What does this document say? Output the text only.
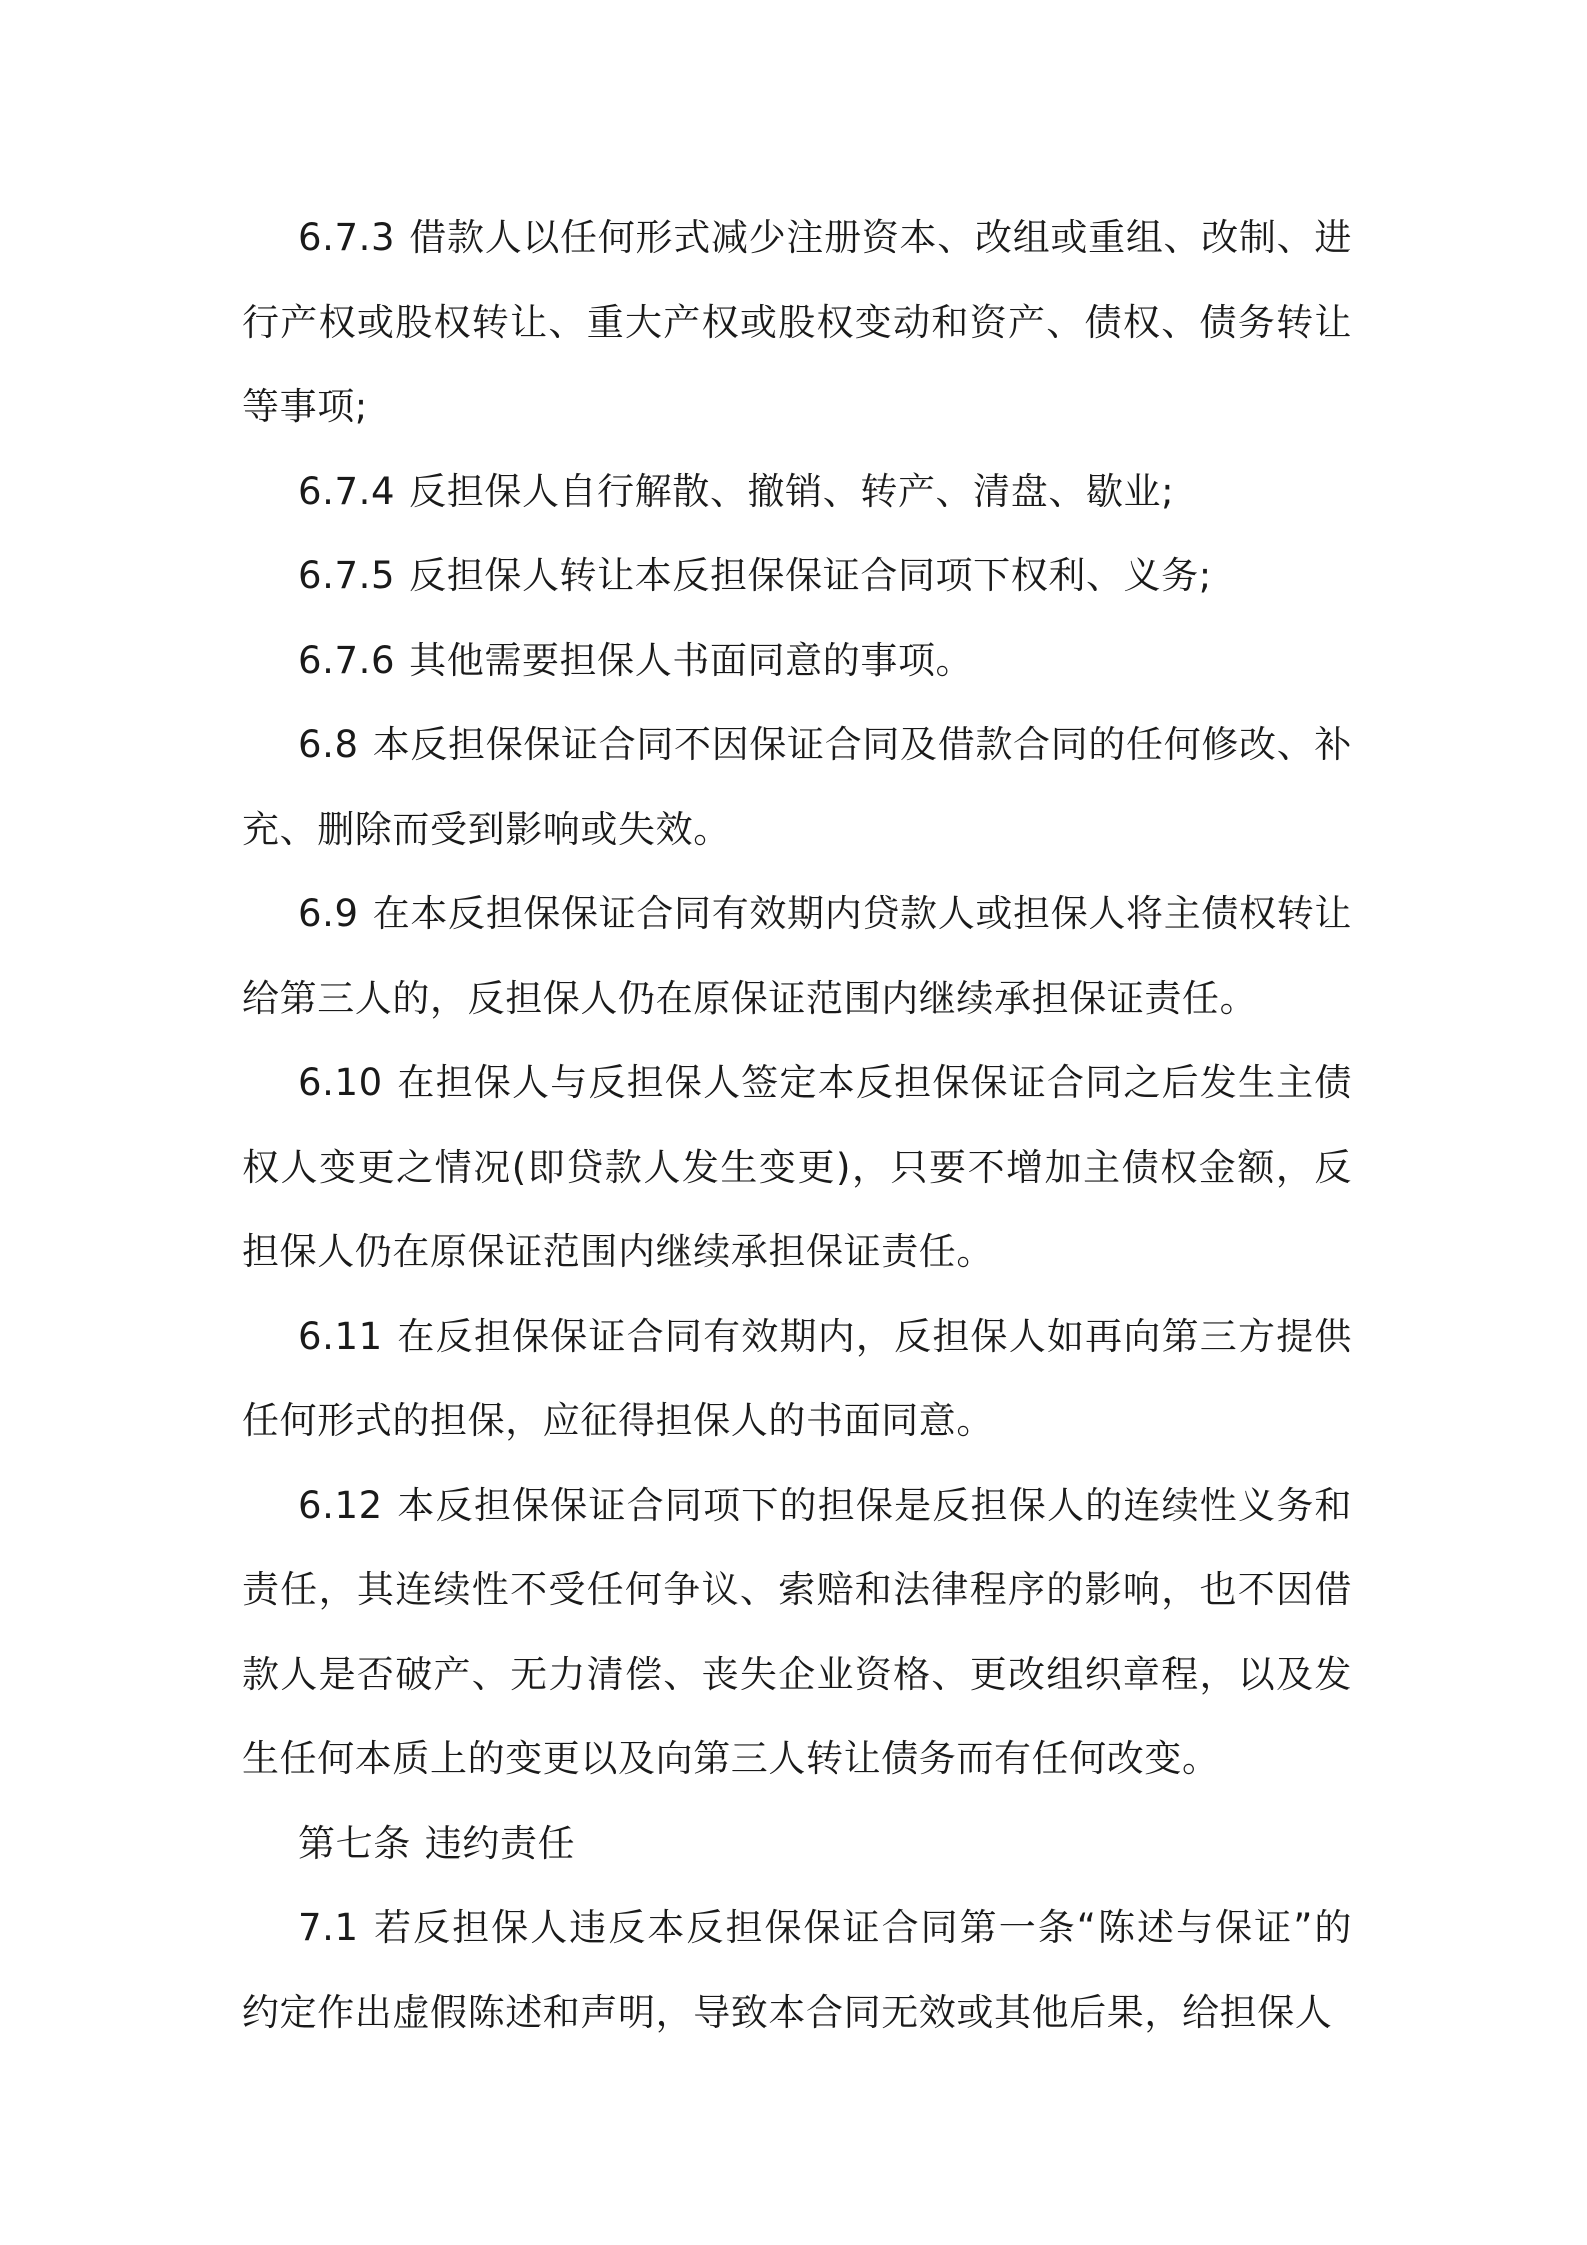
6.7.3 借款人以任何形式减少注册资本、改组或重组、改制、进行产权或股权转让、重大产权或股权变动和资产、债权、债务转让等事项;

6.7.4 反担保人自行解散、撤销、转产、清盘、歇业;

6.7.5 反担保人转让本反担保保证合同项下权利、义务;

6.7.6 其他需要担保人书面同意的事项。

6.8 本反担保保证合同不因保证合同及借款合同的任何修改、补充、删除而受到影响或失效。

6.9 在本反担保保证合同有效期内贷款人或担保人将主债权转让给第三人的，反担保人仍在原保证范围内继续承担保证责任。

6.10 在担保人与反担保人签定本反担保保证合同之后发生主债权人变更之情况(即贷款人发生变更)，只要不增加主债权金额，反担保人仍在原保证范围内继续承担保证责任。

6.11 在反担保保证合同有效期内，反担保人如再向第三方提供任何形式的担保，应征得担保人的书面同意。

6.12 本反担保保证合同项下的担保是反担保人的连续性义务和责任，其连续性不受任何争议、索赔和法律程序的影响，也不因借款人是否破产、无力清偿、丧失企业资格、更改组织章程，以及发生任何本质上的变更以及向第三人转让债务而有任何改变。

第七条 违约责任

7.1 若反担保人违反本反担保保证合同第一条“陈述与保证”的约定作出虚假陈述和声明，导致本合同无效或其他后果，给担保人
